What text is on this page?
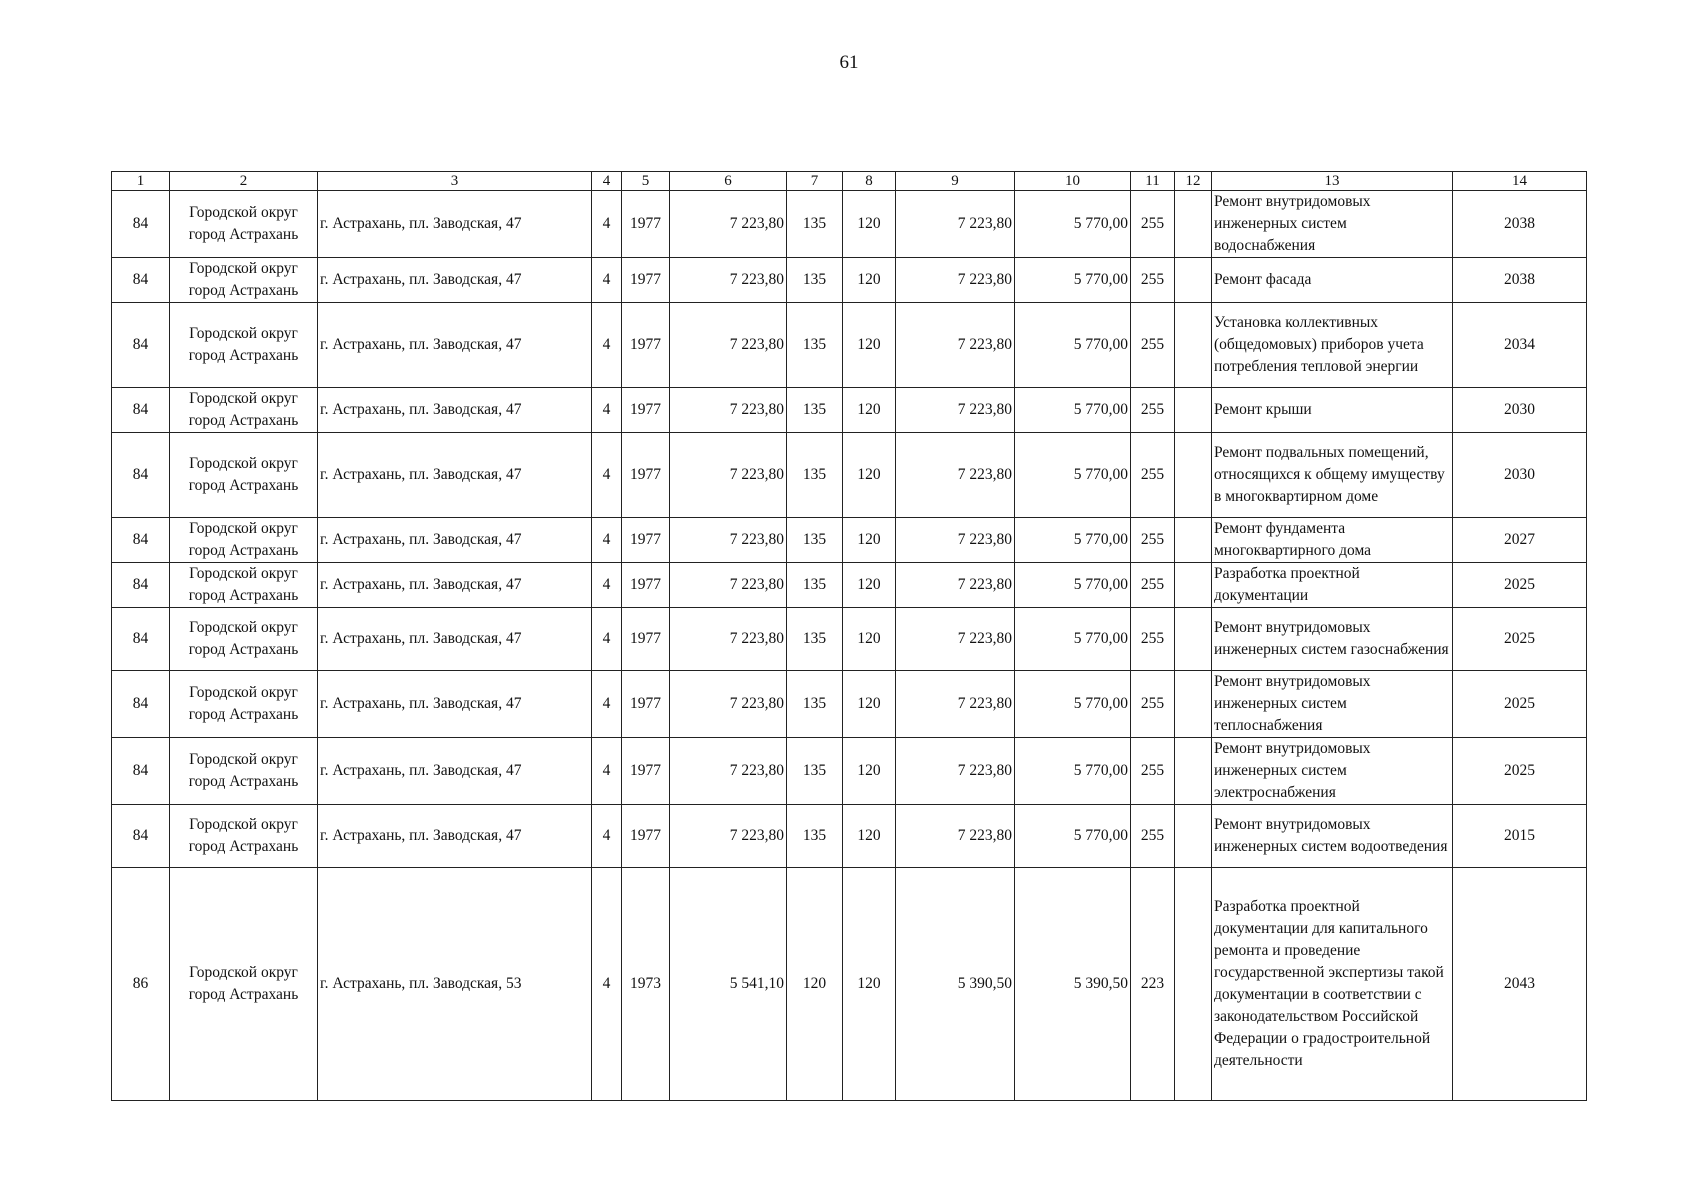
61
1	2	3	4	5	6	7	8	9	10	11	12	13	14
84	Городской округ город Астрахань	г. Астрахань, пл. Заводская, 47	4	1977	7 223,80	135	120	7 223,80	5 770,00	255		Ремонт внутридомовых инженерных систем водоснабжения	2038
84	Городской округ город Астрахань	г. Астрахань, пл. Заводская, 47	4	1977	7 223,80	135	120	7 223,80	5 770,00	255		Ремонт фасада	2038
84	Городской округ город Астрахань	г. Астрахань, пл. Заводская, 47	4	1977	7 223,80	135	120	7 223,80	5 770,00	255		Установка коллективных (общедомовых) приборов учета потребления тепловой энергии	2034
84	Городской округ город Астрахань	г. Астрахань, пл. Заводская, 47	4	1977	7 223,80	135	120	7 223,80	5 770,00	255		Ремонт крыши	2030
84	Городской округ город Астрахань	г. Астрахань, пл. Заводская, 47	4	1977	7 223,80	135	120	7 223,80	5 770,00	255		Ремонт подвальных помещений, относящихся к общему имуществу в многоквартирном доме	2030
84	Городской округ город Астрахань	г. Астрахань, пл. Заводская, 47	4	1977	7 223,80	135	120	7 223,80	5 770,00	255		Ремонт фундамента многоквартирного дома	2027
84	Городской округ город Астрахань	г. Астрахань, пл. Заводская, 47	4	1977	7 223,80	135	120	7 223,80	5 770,00	255		Разработка проектной документации	2025
84	Городской округ город Астрахань	г. Астрахань, пл. Заводская, 47	4	1977	7 223,80	135	120	7 223,80	5 770,00	255		Ремонт внутридомовых инженерных систем газоснабжения	2025
84	Городской округ город Астрахань	г. Астрахань, пл. Заводская, 47	4	1977	7 223,80	135	120	7 223,80	5 770,00	255		Ремонт внутридомовых инженерных систем теплоснабжения	2025
84	Городской округ город Астрахань	г. Астрахань, пл. Заводская, 47	4	1977	7 223,80	135	120	7 223,80	5 770,00	255		Ремонт внутридомовых инженерных систем электроснабжения	2025
84	Городской округ город Астрахань	г. Астрахань, пл. Заводская, 47	4	1977	7 223,80	135	120	7 223,80	5 770,00	255		Ремонт внутридомовых инженерных систем водоотведения	2015
86	Городской округ город Астрахань	г. Астрахань, пл. Заводская, 53	4	1973	5 541,10	120	120	5 390,50	5 390,50	223		Разработка проектной документации для капитального ремонта и проведение государственной экспертизы такой документации в соответствии с законодательством Российской Федерации о градостроительной деятельности	2043
